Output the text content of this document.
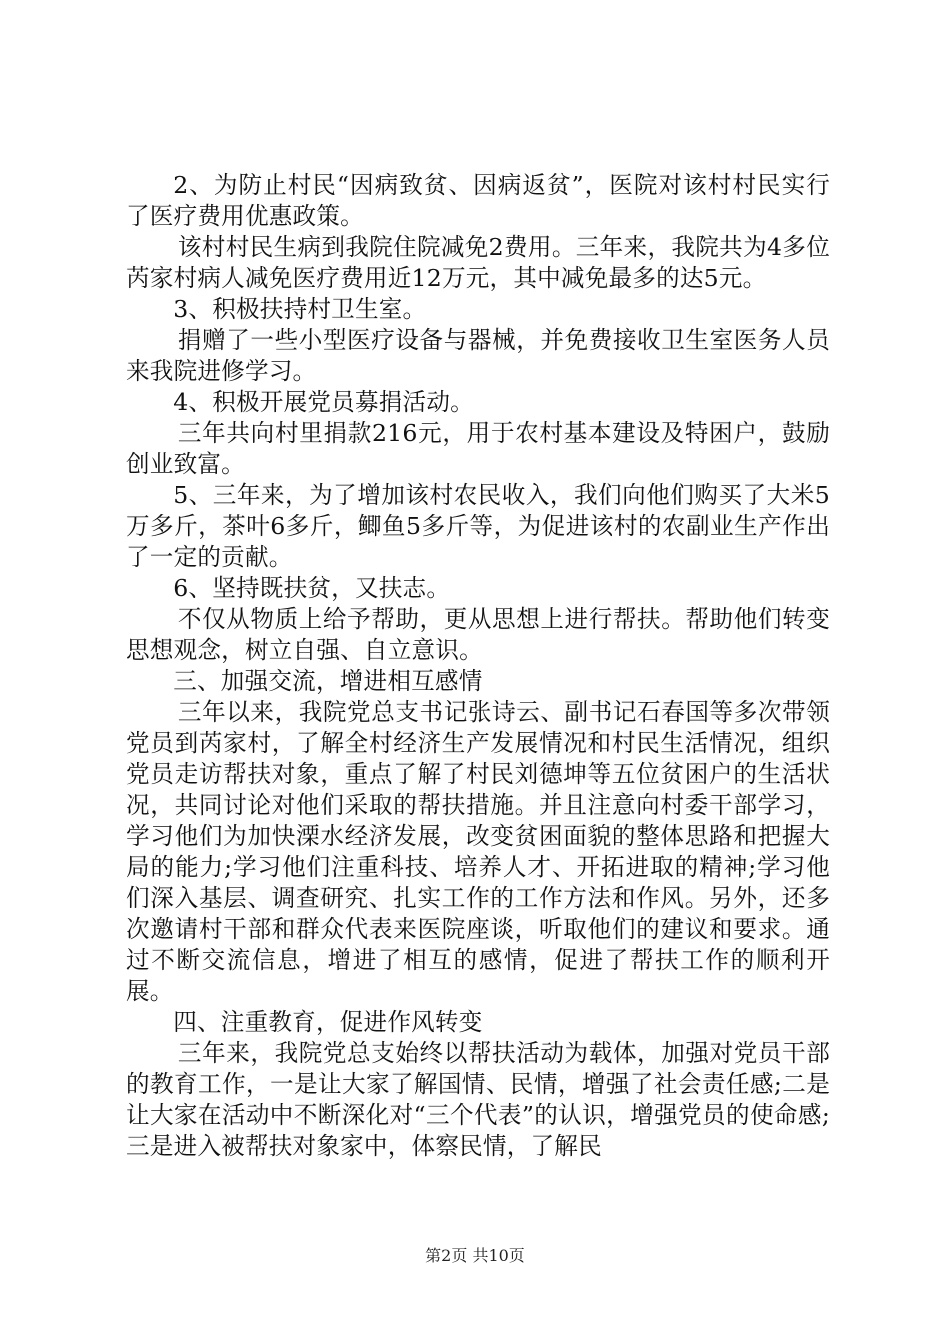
2、为防止村民“因病致贫、因病返贫”，医院对该村村民实行了医疗费用优惠政策。

该村村民生病到我院住院减免2费用。三年来，我院共为4多位芮家村病人减免医疗费用近12万元，其中减免最多的达5元。

3、积极扶持村卫生室。

捐赠了一些小型医疗设备与器械，并免费接收卫生室医务人员来我院进修学习。

4、积极开展党员募捐活动。

三年共向村里捐款216元，用于农村基本建设及特困户，鼓励创业致富。

5、三年来，为了增加该村农民收入，我们向他们购买了大米5万多斤，茶叶6多斤，鲫鱼5多斤等，为促进该村的农副业生产作出了一定的贡献。

6、坚持既扶贫，又扶志。

不仅从物质上给予帮助，更从思想上进行帮扶。帮助他们转变思想观念，树立自强、自立意识。

三、加强交流，增进相互感情

三年以来，我院党总支书记张诗云、副书记石春国等多次带领党员到芮家村，了解全村经济生产发展情况和村民生活情况，组织党员走访帮扶对象，重点了解了村民刘德坤等五位贫困户的生活状况，共同讨论对他们采取的帮扶措施。并且注意向村委干部学习，学习他们为加快溧水经济发展，改变贫困面貌的整体思路和把握大局的能力;学习他们注重科技、培养人才、开拓进取的精神;学习他们深入基层、调查研究、扎实工作的工作方法和作风。另外，还多次邀请村干部和群众代表来医院座谈，听取他们的建议和要求。通过不断交流信息，增进了相互的感情，促进了帮扶工作的顺利开展。

四、注重教育，促进作风转变

三年来，我院党总支始终以帮扶活动为载体，加强对党员干部的教育工作，一是让大家了解国情、民情，增强了社会责任感;二是让大家在活动中不断深化对“三个代表”的认识，增强党员的使命感;三是进入被帮扶对象家中，体察民情，了解民

第2页 共10页
